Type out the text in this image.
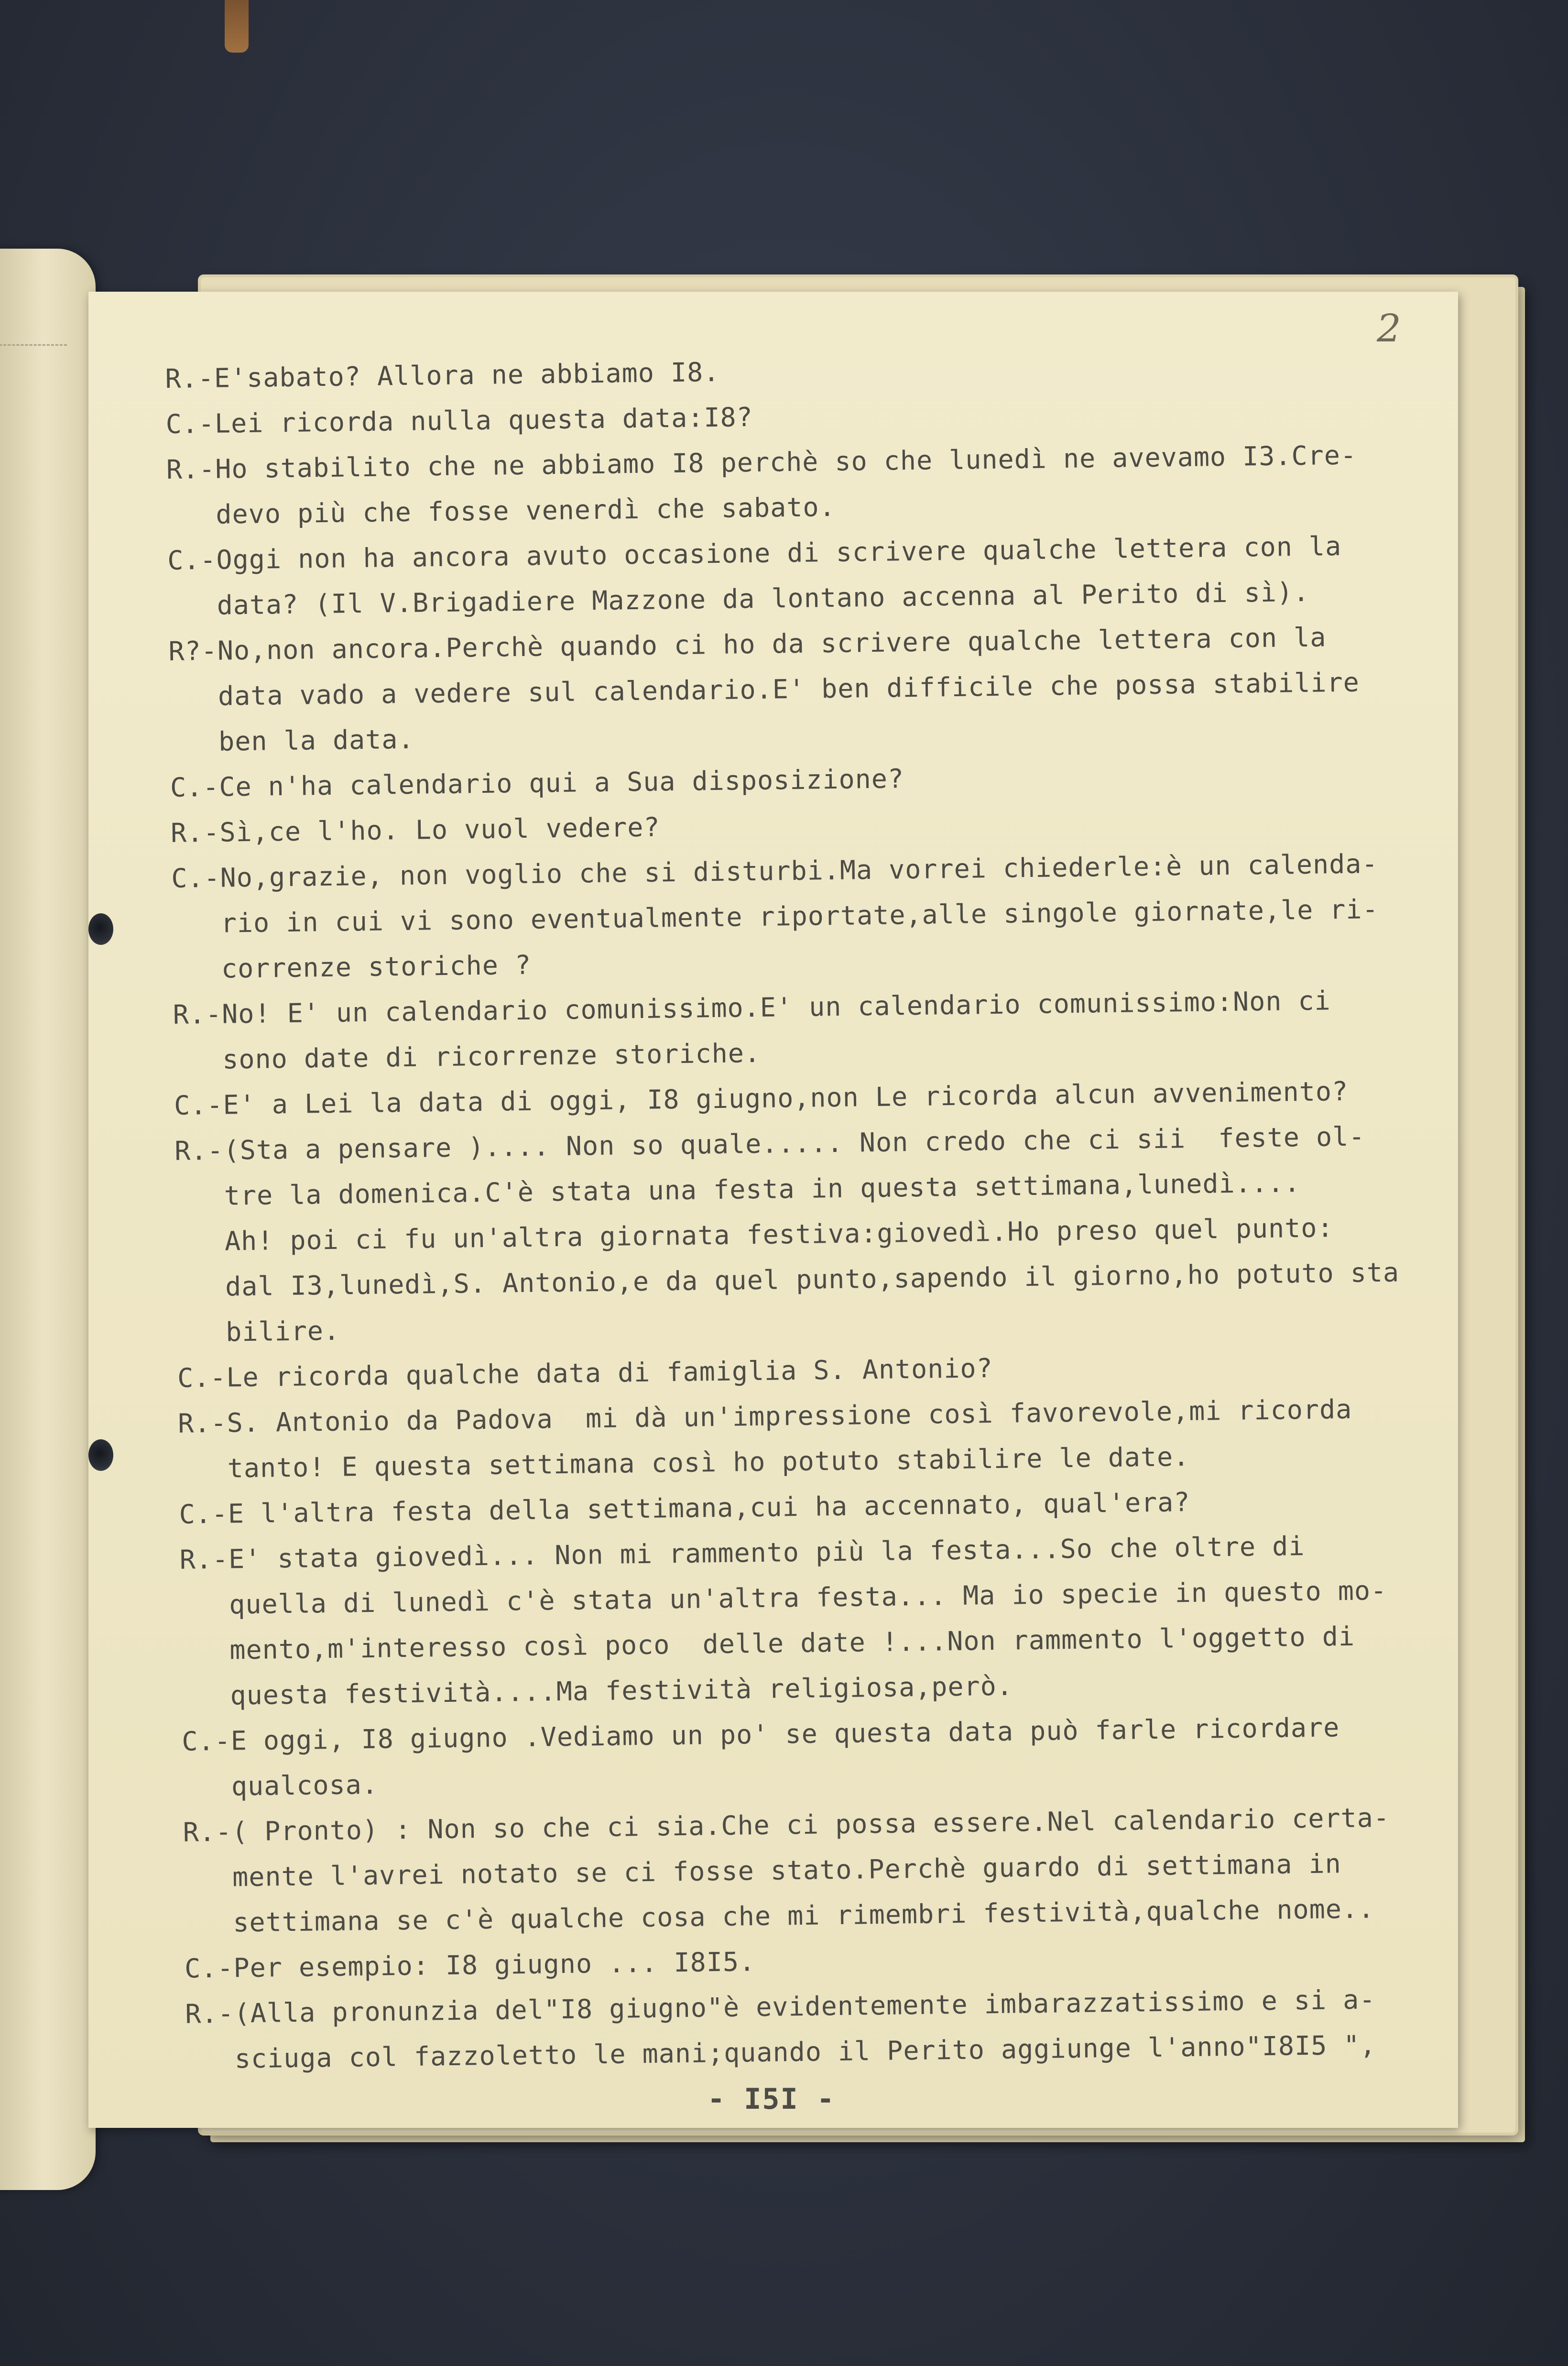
2
R.-E'sabato? Allora ne abbiamo I8.
C.-Lei ricorda nulla questa data:I8?
R.-Ho stabilito che ne abbiamo I8 perchè so che lunedì ne avevamo I3.Cre-
devo più che fosse venerdì che sabato.
C.-Oggi non ha ancora avuto occasione di scrivere qualche lettera con la
data? (Il V.Brigadiere Mazzone da lontano accenna al Perito di sì).
R?-No,non ancora.Perchè quando ci ho da scrivere qualche lettera con la
data vado a vedere sul calendario.E' ben difficile che possa stabilire
ben la data.
C.-Ce n'ha calendario qui a Sua disposizione?
R.-Sì,ce l'ho. Lo vuol vedere?
C.-No,grazie, non voglio che si disturbi.Ma vorrei chiederle:è un calenda-
rio in cui vi sono eventualmente riportate,alle singole giornate,le ri-
correnze storiche ?
R.-No! E' un calendario comunissimo.E' un calendario comunissimo:Non ci
sono date di ricorrenze storiche.
C.-E' a Lei la data di oggi, I8 giugno,non Le ricorda alcun avvenimento?
R.-(Sta a pensare ).... Non so quale..... Non credo che ci sii  feste ol-
tre la domenica.C'è stata una festa in questa settimana,lunedì....
Ah! poi ci fu un'altra giornata festiva:giovedì.Ho preso quel punto:
dal I3,lunedì,S. Antonio,e da quel punto,sapendo il giorno,ho potuto sta
bilire.
C.-Le ricorda qualche data di famiglia S. Antonio?
R.-S. Antonio da Padova  mi dà un'impressione così favorevole,mi ricorda
tanto! E questa settimana così ho potuto stabilire le date.
C.-E l'altra festa della settimana,cui ha accennato, qual'era?
R.-E' stata giovedì... Non mi rammento più la festa...So che oltre di
quella di lunedì c'è stata un'altra festa... Ma io specie in questo mo-
mento,m'interesso così poco  delle date !...Non rammento l'oggetto di
questa festività....Ma festività religiosa,però.
C.-E oggi, I8 giugno .Vediamo un po' se questa data può farle ricordare
qualcosa.
R.-( Pronto) : Non so che ci sia.Che ci possa essere.Nel calendario certa-
mente l'avrei notato se ci fosse stato.Perchè guardo di settimana in
settimana se c'è qualche cosa che mi rimembri festività,qualche nome..
C.-Per esempio: I8 giugno ... I8I5.
R.-(Alla pronunzia del"I8 giugno"è evidentemente imbarazzatissimo e si a-
sciuga col fazzoletto le mani;quando il Perito aggiunge l'anno"I8I5 ",
- I5I -
